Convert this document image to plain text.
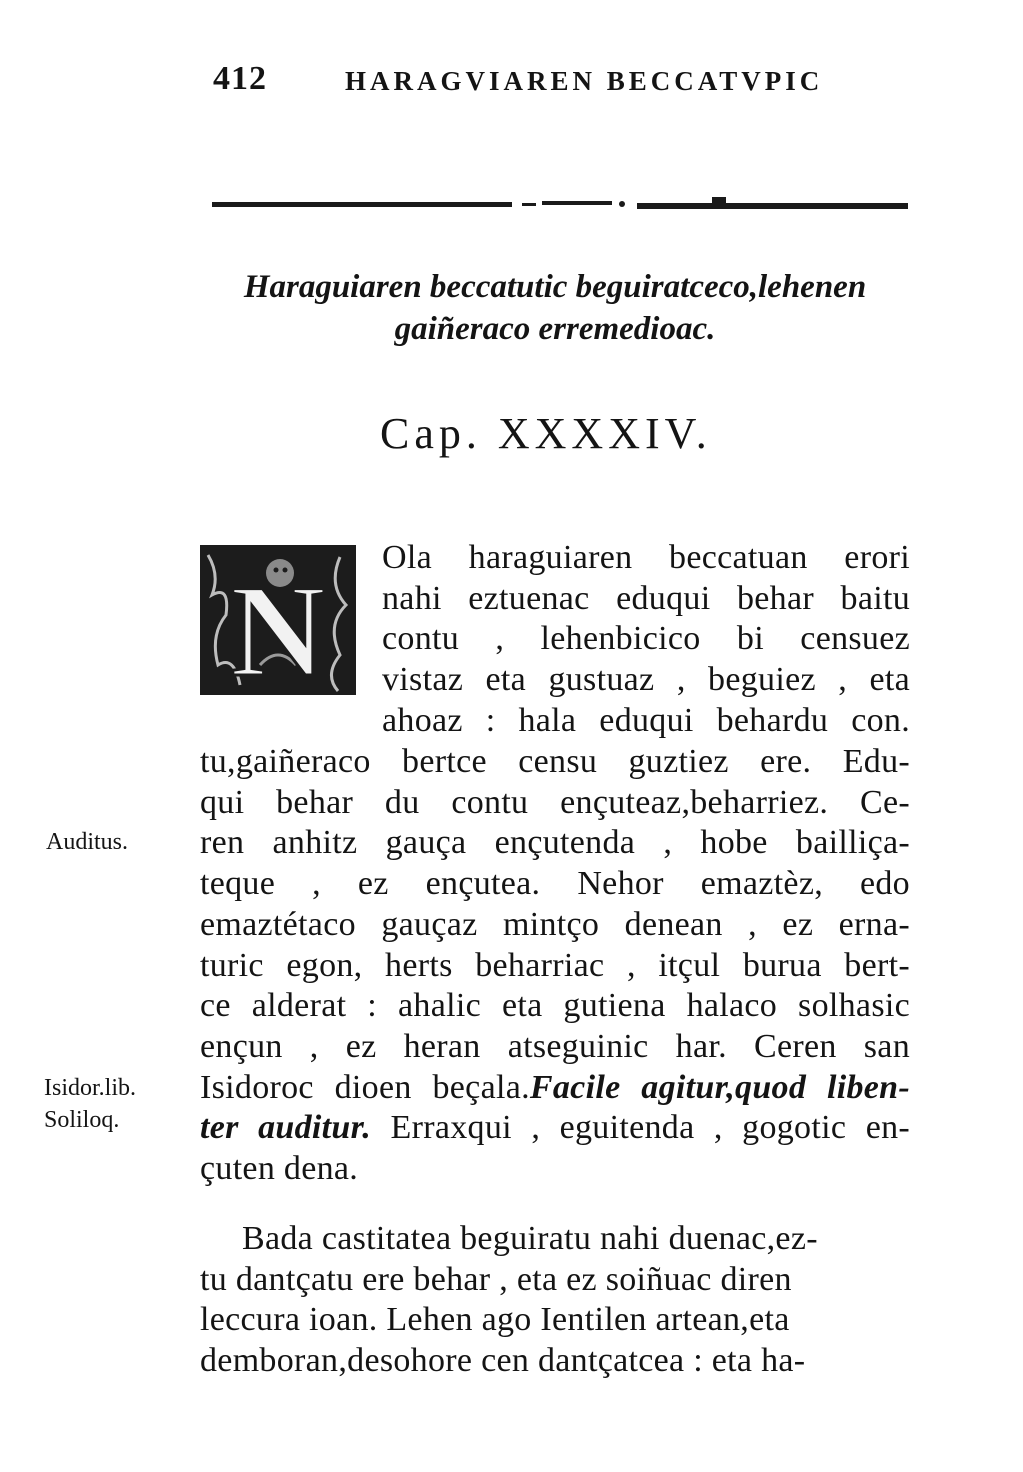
412	HARAGVIAREN BECCATVPIC
Haraguiaren beccatutic beguiratceco,lehenen
gaiñeraco erremedioac.
Cap. XXXXIV.
N Ola haraguiaren beccatuan erori
nahi eztuenac eduqui behar baitu
contu , lehenbicico bi censuez
vistaz eta gustuaz , beguiez , eta
ahoaz : hala eduqui behardu con.
tu,gaiñeraco bertce censu guztiez ere. Edu-
qui behar du contu ençuteaz,beharriez. Ce-
ren anhitz gauça ençutenda , hobe bailliça-
teque , ez ençutea. Nehor emaztèz, edo
emaztétaco gauçaz mintço denean , ez erna-
turic egon, herts beharriac , itçul burua bert-
ce alderat : ahalic eta gutiena halaco solhasic
ençun , ez heran atseguinic har. Ceren san
Isidoroc dioen beçala.Facile agitur,quod liben-
ter auditur. Erraxqui , eguitenda , gogotic en-
çuten dena.
Bada castitatea beguiratu nahi duenac,ez-
tu dantçatu ere behar , eta ez soiñuac diren
leccura ioan. Lehen ago Ientilen artean,eta
demboran,desohore cen dantçatcea : eta ha-
Auditus.
Isidor.lib.
Soliloq.
